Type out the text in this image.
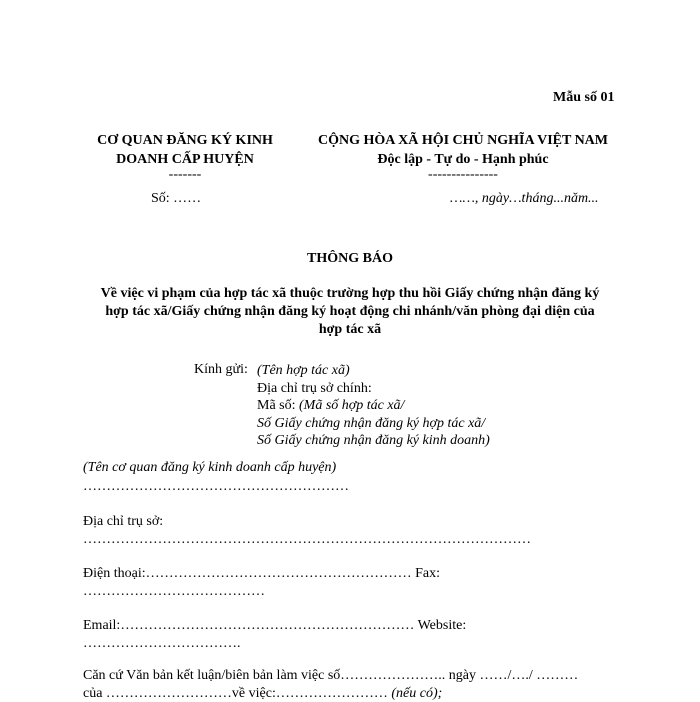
Mẫu số 01
CƠ QUAN ĐĂNG KÝ KINH
DOANH CẤP HUYỆN
-------
Số: ……
CỘNG HÒA XÃ HỘI CHỦ NGHĨA VIỆT NAM
Độc lập - Tự do - Hạnh phúc
---------------
……, ngày…tháng...năm...
THÔNG BÁO
Về việc vi phạm của hợp tác xã thuộc trường hợp thu hồi Giấy chứng nhận đăng ký
hợp tác xã/Giấy chứng nhận đăng ký hoạt động chi nhánh/văn phòng đại diện của
hợp tác xã
Kính gửi: (Tên hợp tác xã)
Địa chỉ trụ sở chính:
Mã số: (Mã số hợp tác xã/
Số Giấy chứng nhận đăng ký hợp tác xã/
Số Giấy chứng nhận đăng ký kinh doanh)
(Tên cơ quan đăng ký kinh doanh cấp huyện)
…………………………………………………
Địa chỉ trụ sở:
……………………………………………………………………………………
Điện thoại:………………………………………………… Fax:
…………………………………
Email:……………………………………………………… Website:
…………………………….
Căn cứ Văn bản kết luận/biên bản làm việc số………………….. ngày ……/…./ ………
của ………………………về việc:…………………… (nếu có);
